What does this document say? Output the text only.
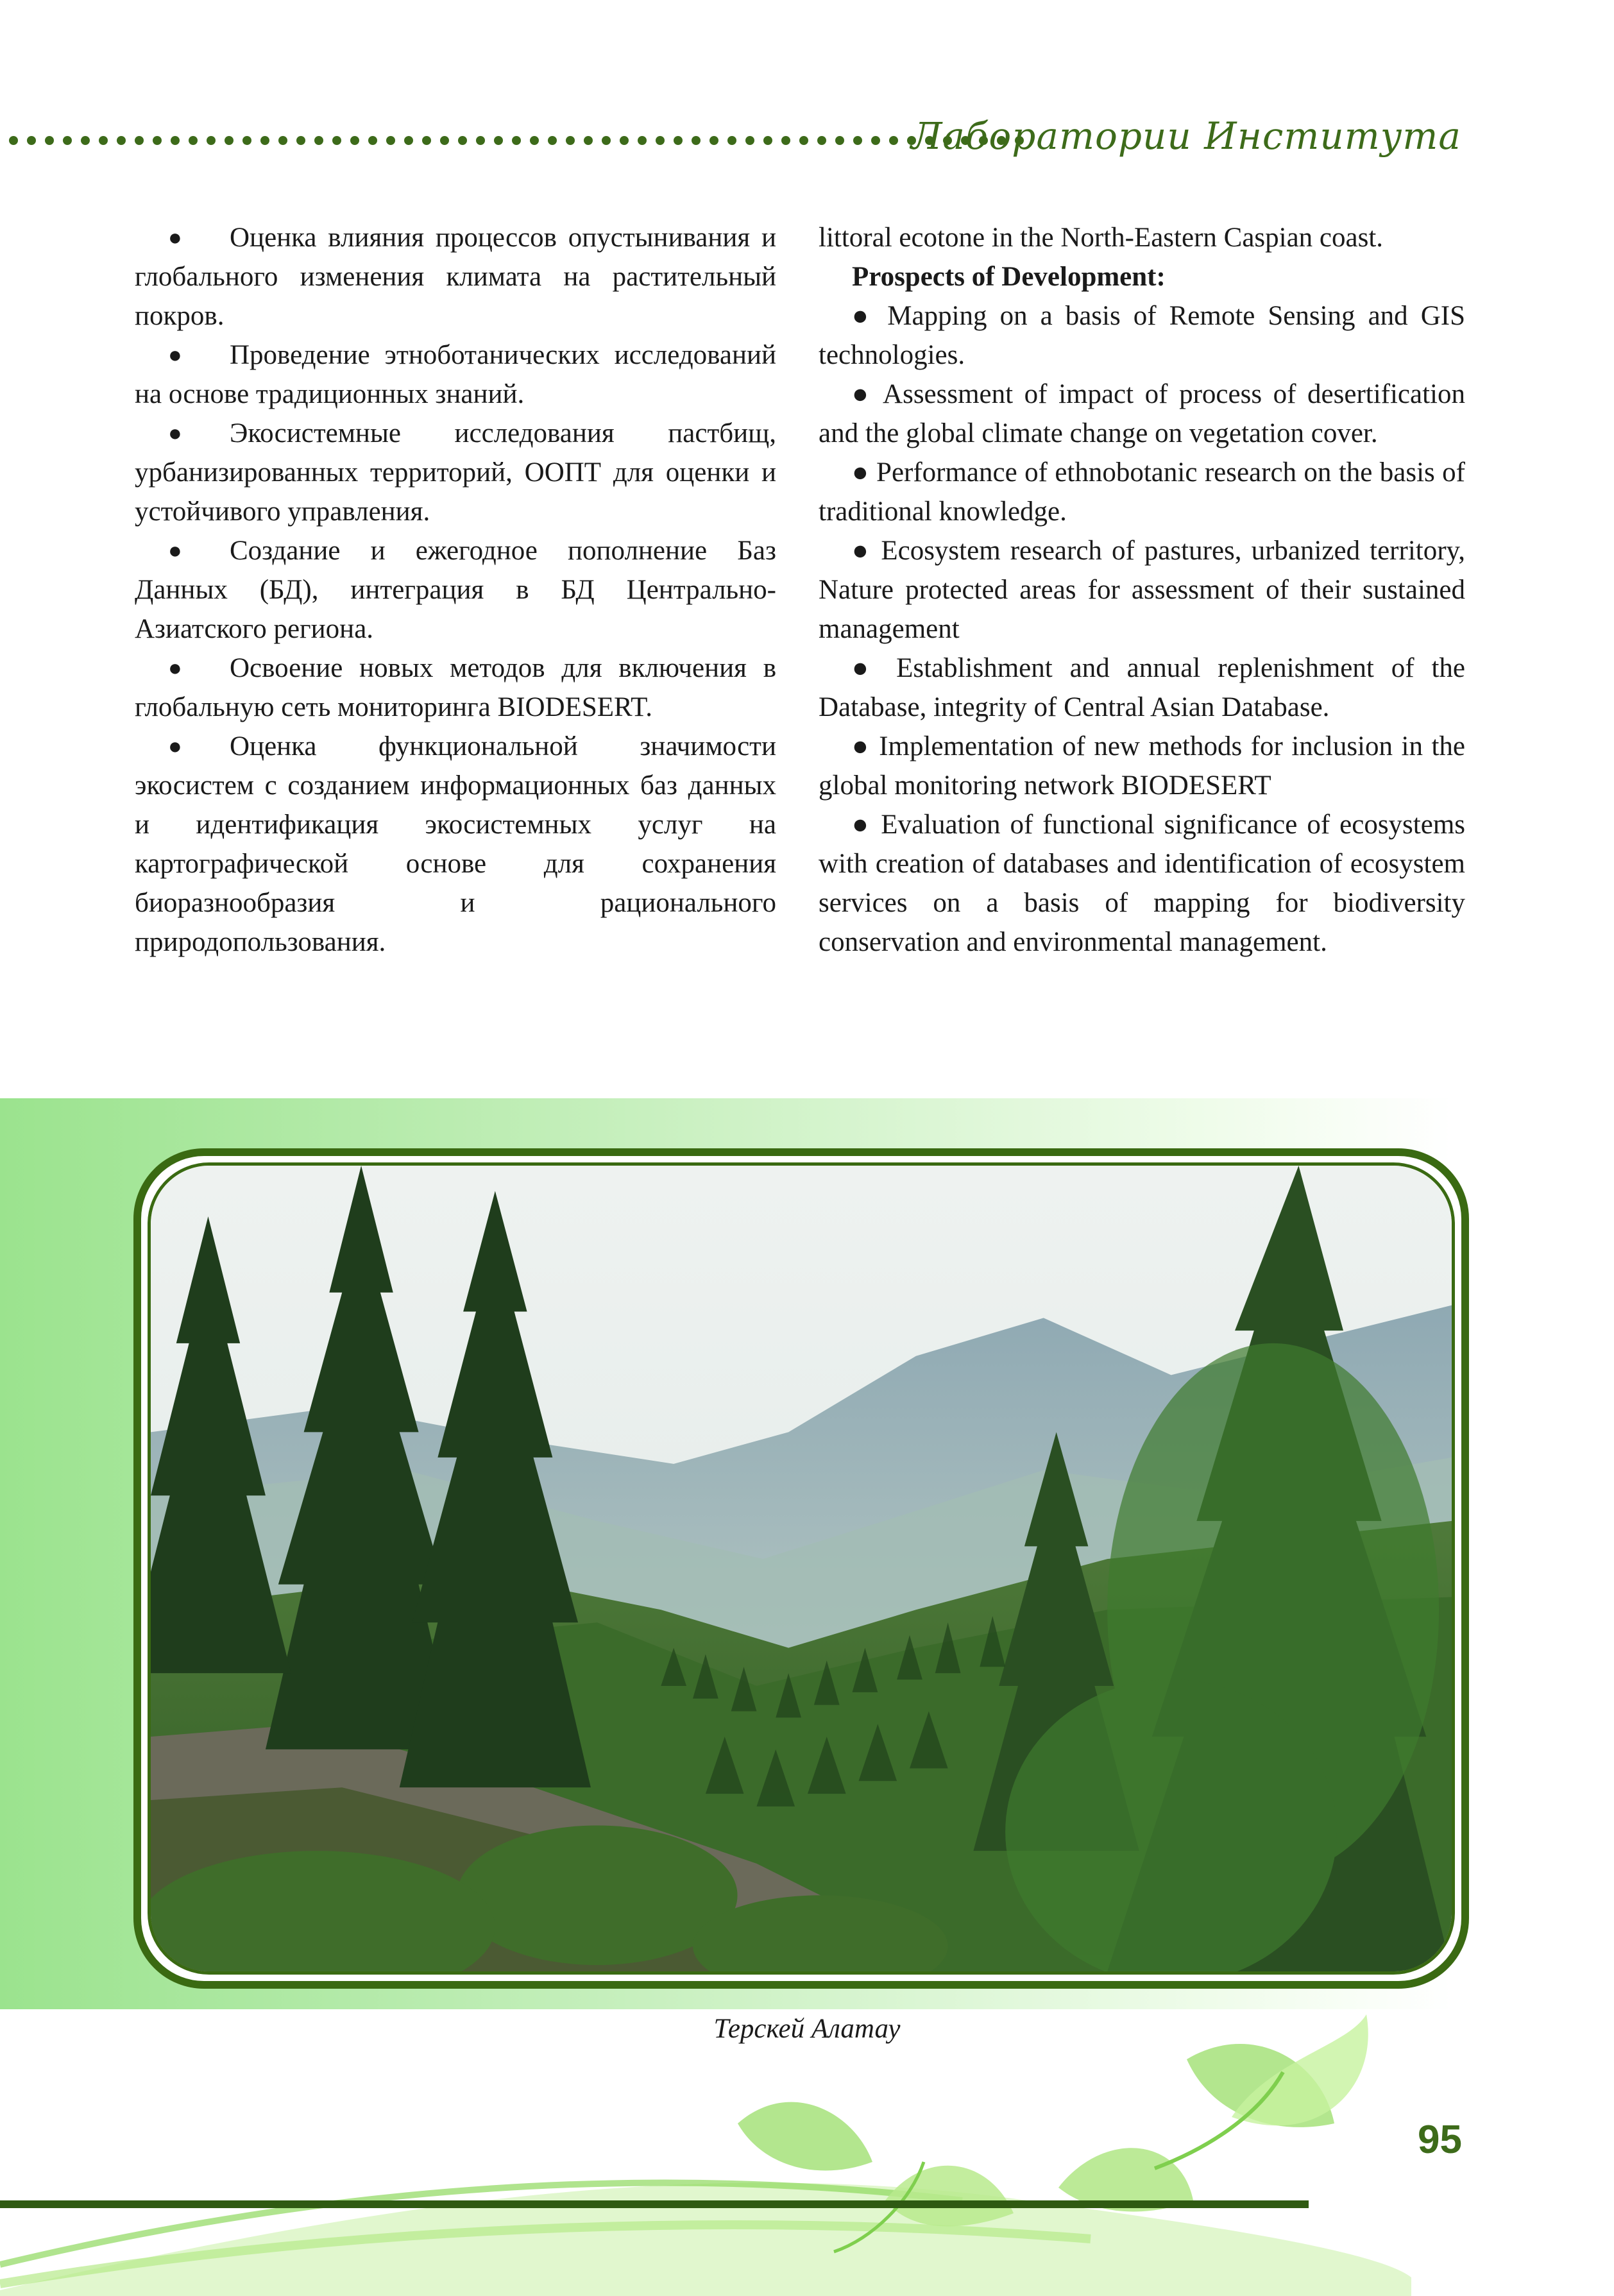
Лаборатории Института

● Оценка влияния процессов опустынивания и глобального изменения климата на растительный покров.

● Проведение этноботанических исследований на основе традиционных знаний.

● Экосистемные исследования пастбищ, урбанизированных территорий, ООПТ для оценки и устойчивого управления.

● Создание и ежегодное пополнение Баз Данных (БД), интеграция в БД Центрально-Азиатского региона.

● Освоение новых методов для включения в глобальную сеть мониторинга BIODESERT.

● Оценка функциональной значимости экосистем с созданием информационных баз данных и идентификация экосистемных услуг на картографической основе для сохранения биоразнообразия и рационального природопользования.

littoral ecotone in the North-Eastern Caspian coast.

Prospects of Development:

● Mapping on a basis of Remote Sensing and GIS technologies.

● Assessment of impact of process of desertification and the global climate change on vegetation cover.

● Performance of ethnobotanic research on the basis of traditional knowledge.

● Ecosystem research of pastures, urbanized territory, Nature protected areas for assessment of their sustained management

● Establishment and annual replenishment of the Database, integrity of Central Asian Database.

● Implementation of new methods for inclusion in the global monitoring network BIODESERT

● Evaluation of functional significance of ecosystems with creation of databases and identification of ecosystem services on a basis of mapping for biodiversity conservation and environmental management.

Терскей Алатау
95
